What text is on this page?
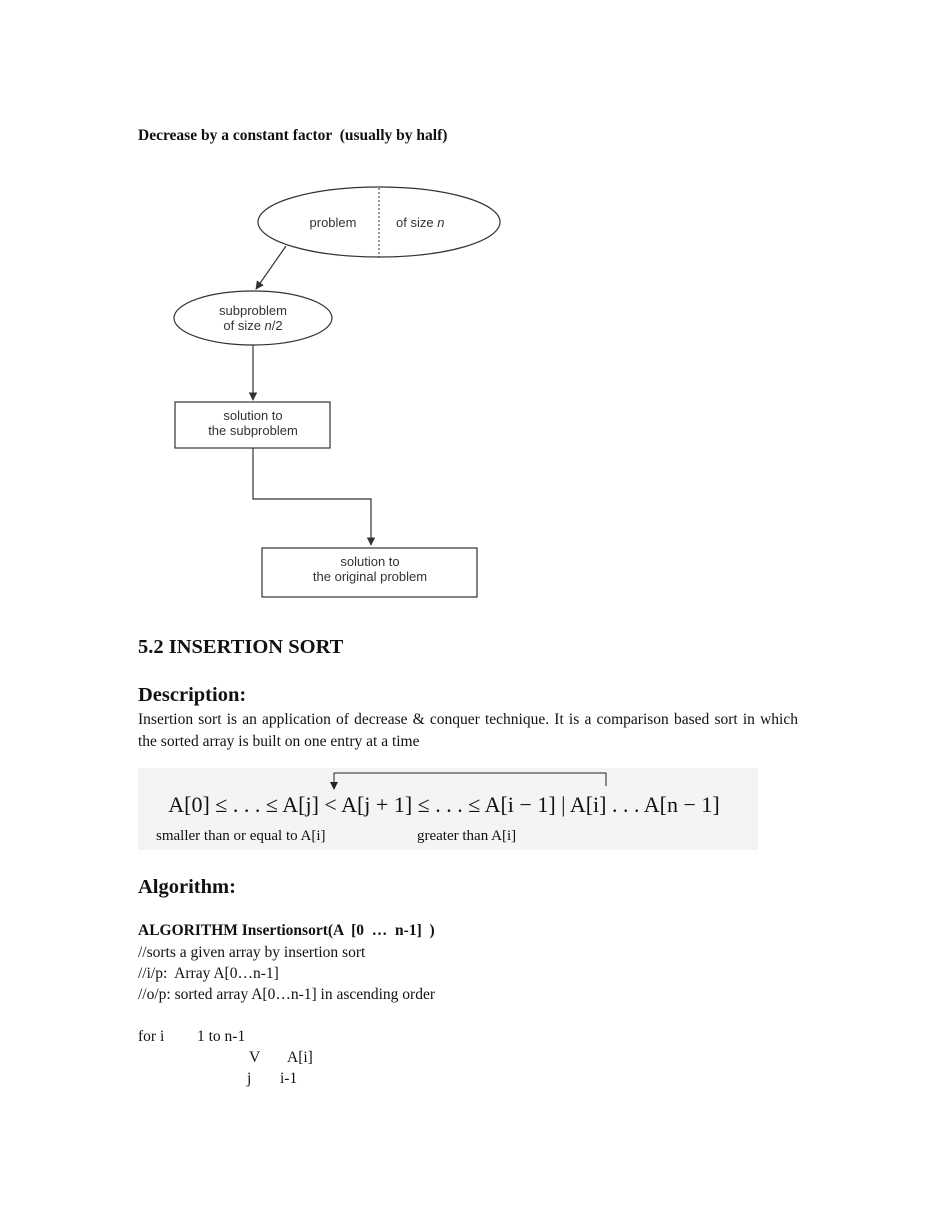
Decrease by a constant factor  (usually by half)
problem	of size n
subproblem
of size n/2
solution to
the subproblem
solution to
the original problem
5.2 INSERTION SORT
Description:
Insertion sort is an application of decrease & conquer technique. It is a comparison based sort in which the sorted array is built on one entry at a time
A[0] ≤ . . . ≤ A[j] < A[j + 1] ≤ . . . ≤ A[i − 1] | A[i] . . . A[n − 1]
smaller than or equal to A[i]	greater than A[i]
Algorithm:
ALGORITHM Insertionsort(A  [0  …  n-1]  )
//sorts a given array by insertion sort
//i/p:  Array A[0…n-1]
//o/p: sorted array A[0…n-1] in ascending order
for i 1 to n-1
V A[i]
j i-1
